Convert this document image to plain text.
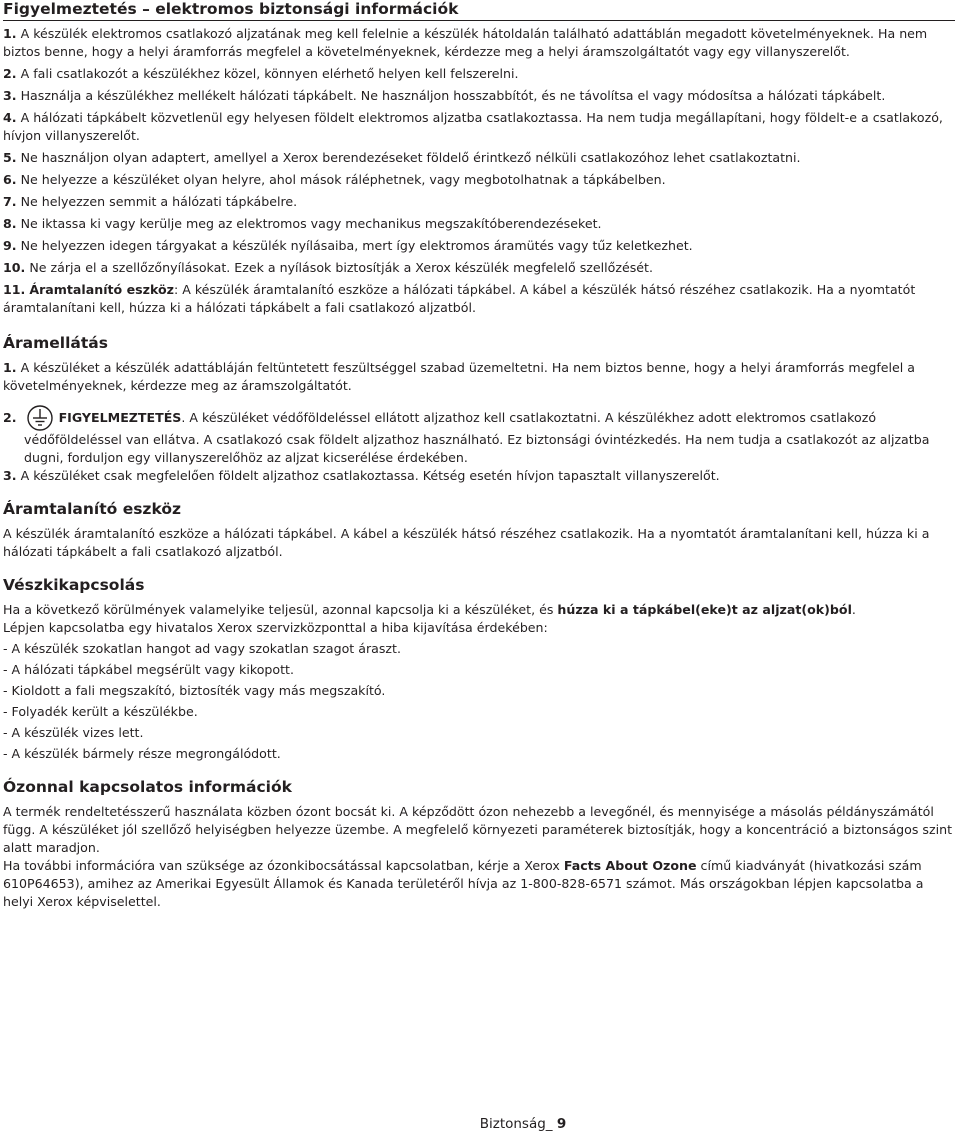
Figyelmeztetés – elektromos biztonsági információk

1. A készülék elektromos csatlakozó aljzatának meg kell felelnie a készülék hátoldalán található adattáblán megadott követelményeknek. Ha nem biztos benne, hogy a helyi áramforrás megfelel a követelményeknek, kérdezze meg a helyi áramszolgáltatót vagy egy villanyszerelőt.

2. A fali csatlakozót a készülékhez közel, könnyen elérhető helyen kell felszerelni.

3. Használja a készülékhez mellékelt hálózati tápkábelt. Ne használjon hosszabbítót, és ne távolítsa el vagy módosítsa a hálózati tápkábelt.

4. A hálózati tápkábelt közvetlenül egy helyesen földelt elektromos aljzatba csatlakoztassa. Ha nem tudja megállapítani, hogy földelt-e a csatlakozó, hívjon villanyszerelőt.

5. Ne használjon olyan adaptert, amellyel a Xerox berendezéseket földelő érintkező nélküli csatlakozóhoz lehet csatlakoztatni.

6. Ne helyezze a készüléket olyan helyre, ahol mások ráléphetnek, vagy megbotolhatnak a tápkábelben.

7. Ne helyezzen semmit a hálózati tápkábelre.

8. Ne iktassa ki vagy kerülje meg az elektromos vagy mechanikus megszakítóberendezéseket.

9. Ne helyezzen idegen tárgyakat a készülék nyílásaiba, mert így elektromos áramütés vagy tűz keletkezhet.

10. Ne zárja el a szellőzőnyílásokat. Ezek a nyílások biztosítják a Xerox készülék megfelelő szellőzését.

11. Áramtalanító eszköz: A készülék áramtalanító eszköze a hálózati tápkábel. A kábel a készülék hátsó részéhez csatlakozik. Ha a nyomtatót áramtalanítani kell, húzza ki a hálózati tápkábelt a fali csatlakozó aljzatból.

Áramellátás

1. A készüléket a készülék adattábláján feltüntetett feszültséggel szabad üzemeltetni. Ha nem biztos benne, hogy a helyi áramforrás megfelel a követelményeknek, kérdezze meg az áramszolgáltatót.

2.	FIGYELMEZTETÉS. A készüléket védőföldeléssel ellátott aljzathoz kell csatlakoztatni. A készülékhez adott elektromos csatlakozó

védőföldeléssel van ellátva. A csatlakozó csak földelt aljzathoz használható. Ez biztonsági óvintézkedés. Ha nem tudja a csatlakozót az aljzatba dugni, forduljon egy villanyszerelőhöz az aljzat kicserélése érdekében.

3. A készüléket csak megfelelően földelt aljzathoz csatlakoztassa. Kétség esetén hívjon tapasztalt villanyszerelőt.

Áramtalanító eszköz

A készülék áramtalanító eszköze a hálózati tápkábel. A kábel a készülék hátsó részéhez csatlakozik. Ha a nyomtatót áramtalanítani kell, húzza ki a hálózati tápkábelt a fali csatlakozó aljzatból.

Vészkikapcsolás

Ha a következő körülmények valamelyike teljesül, azonnal kapcsolja ki a készüléket, és húzza ki a tápkábel(eke)t az aljzat(ok)ból.

Lépjen kapcsolatba egy hivatalos Xerox szervizközponttal a hiba kijavítása érdekében:

- A készülék szokatlan hangot ad vagy szokatlan szagot áraszt.

- A hálózati tápkábel megsérült vagy kikopott.

- Kioldott a fali megszakító, biztosíték vagy más megszakító.

- Folyadék került a készülékbe.

- A készülék vizes lett.

- A készülék bármely része megrongálódott.

Ózonnal kapcsolatos információk

A termék rendeltetésszerű használata közben ózont bocsát ki. A képződött ózon nehezebb a levegőnél, és mennyisége a másolás példányszámától függ. A készüléket jól szellőző helyiségben helyezze üzembe. A megfelelő környezeti paraméterek biztosítják, hogy a koncentráció a biztonságos szint alatt maradjon.

Ha további információra van szüksége az ózonkibocsátással kapcsolatban, kérje a Xerox Facts About Ozone című kiadványát (hivatkozási szám 610P64653), amihez az Amerikai Egyesült Államok és Kanada területéről hívja az 1-800-828-6571 számot. Más országokban lépjen kapcsolatba a helyi Xerox képviselettel.

Biztonság_ 9
